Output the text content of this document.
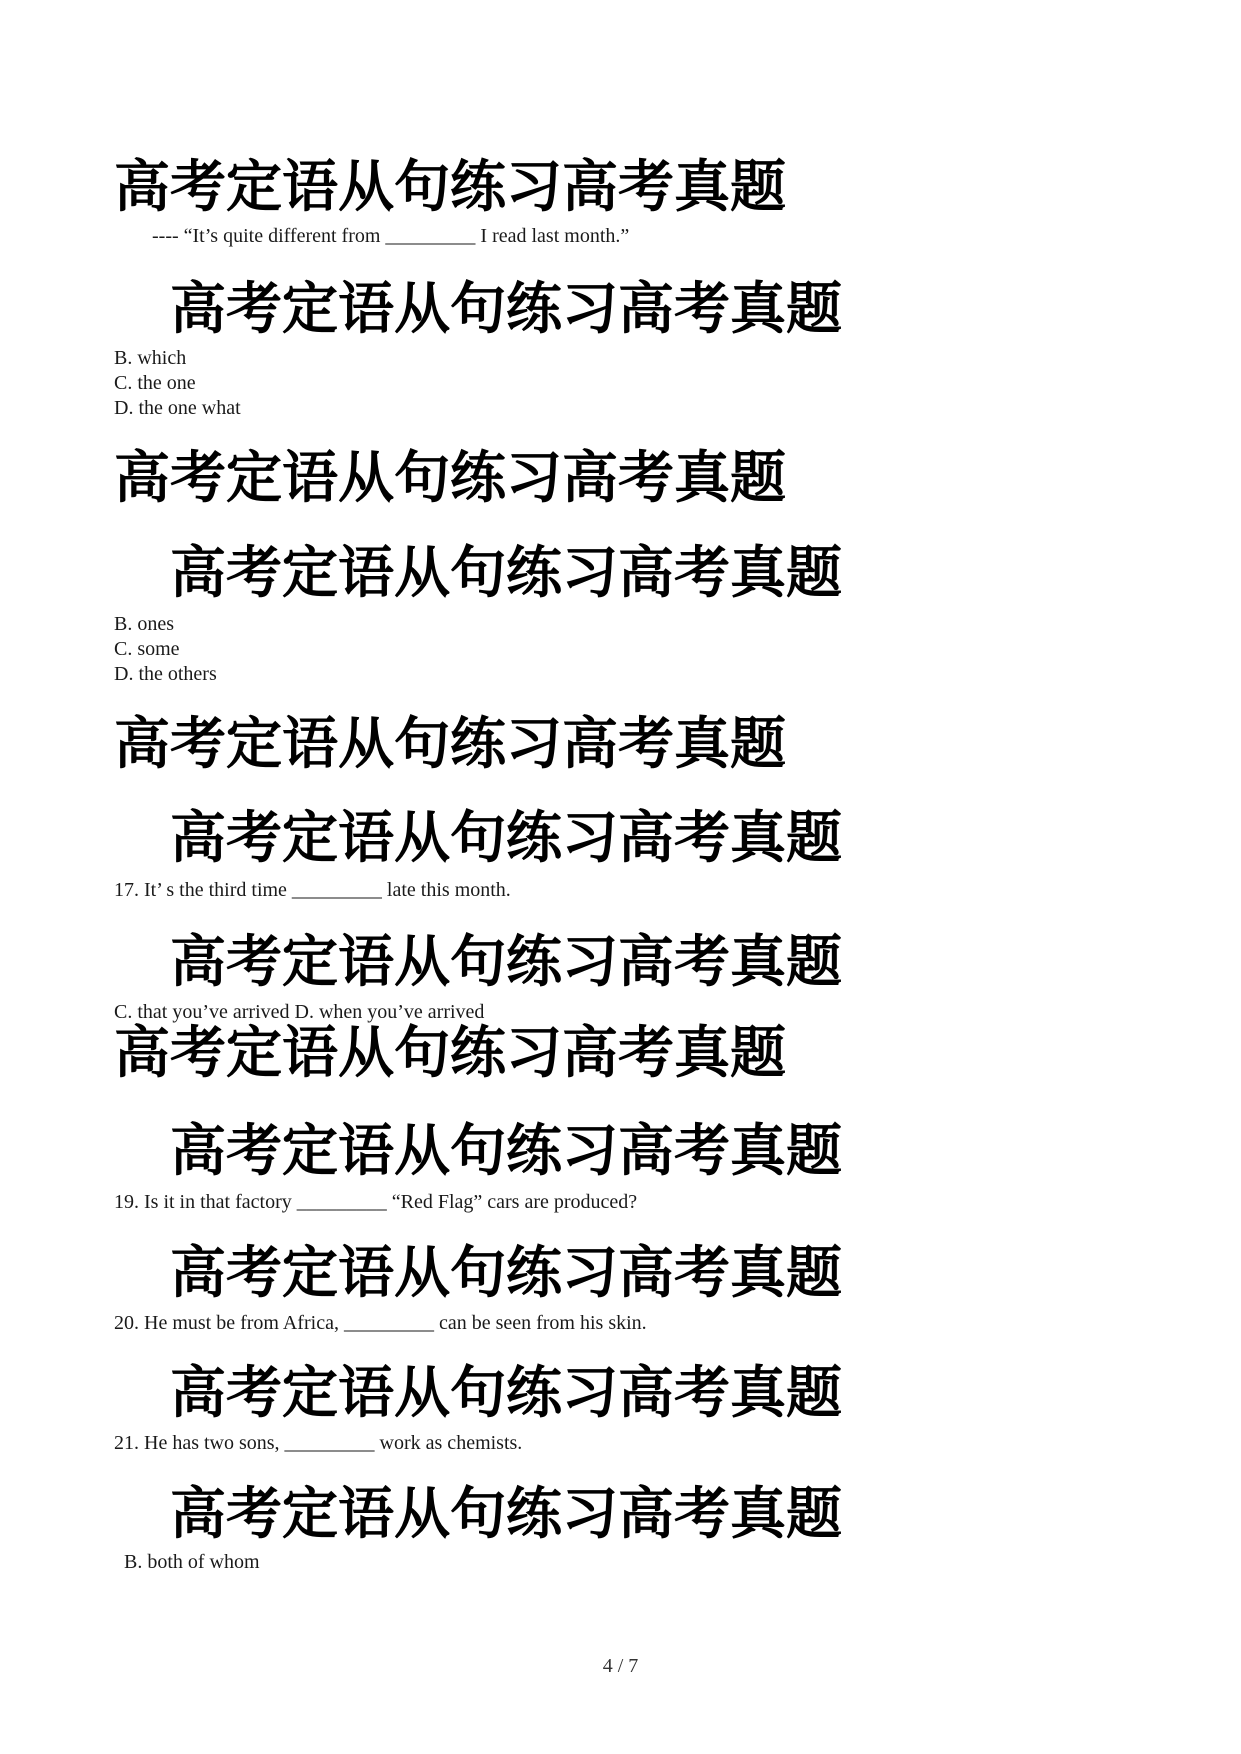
高考定语从句练习高考真题
---- “It’s quite different from _________ I read last month.”
高考定语从句练习高考真题
B. which
C. the one
D. the one what
高考定语从句练习高考真题
高考定语从句练习高考真题
B. ones
C. some
D. the others
高考定语从句练习高考真题
高考定语从句练习高考真题
17. It’ s the third time _________ late this month.
高考定语从句练习高考真题
C. that you’ve arrived D. when you’ve arrived
高考定语从句练习高考真题
高考定语从句练习高考真题
19. Is it in that factory _________ “Red Flag” cars are produced?
高考定语从句练习高考真题
20. He must be from Africa, _________ can be seen from his skin.
高考定语从句练习高考真题
21. He has two sons, _________ work as chemists.
高考定语从句练习高考真题
B. both of whom
4 / 7
